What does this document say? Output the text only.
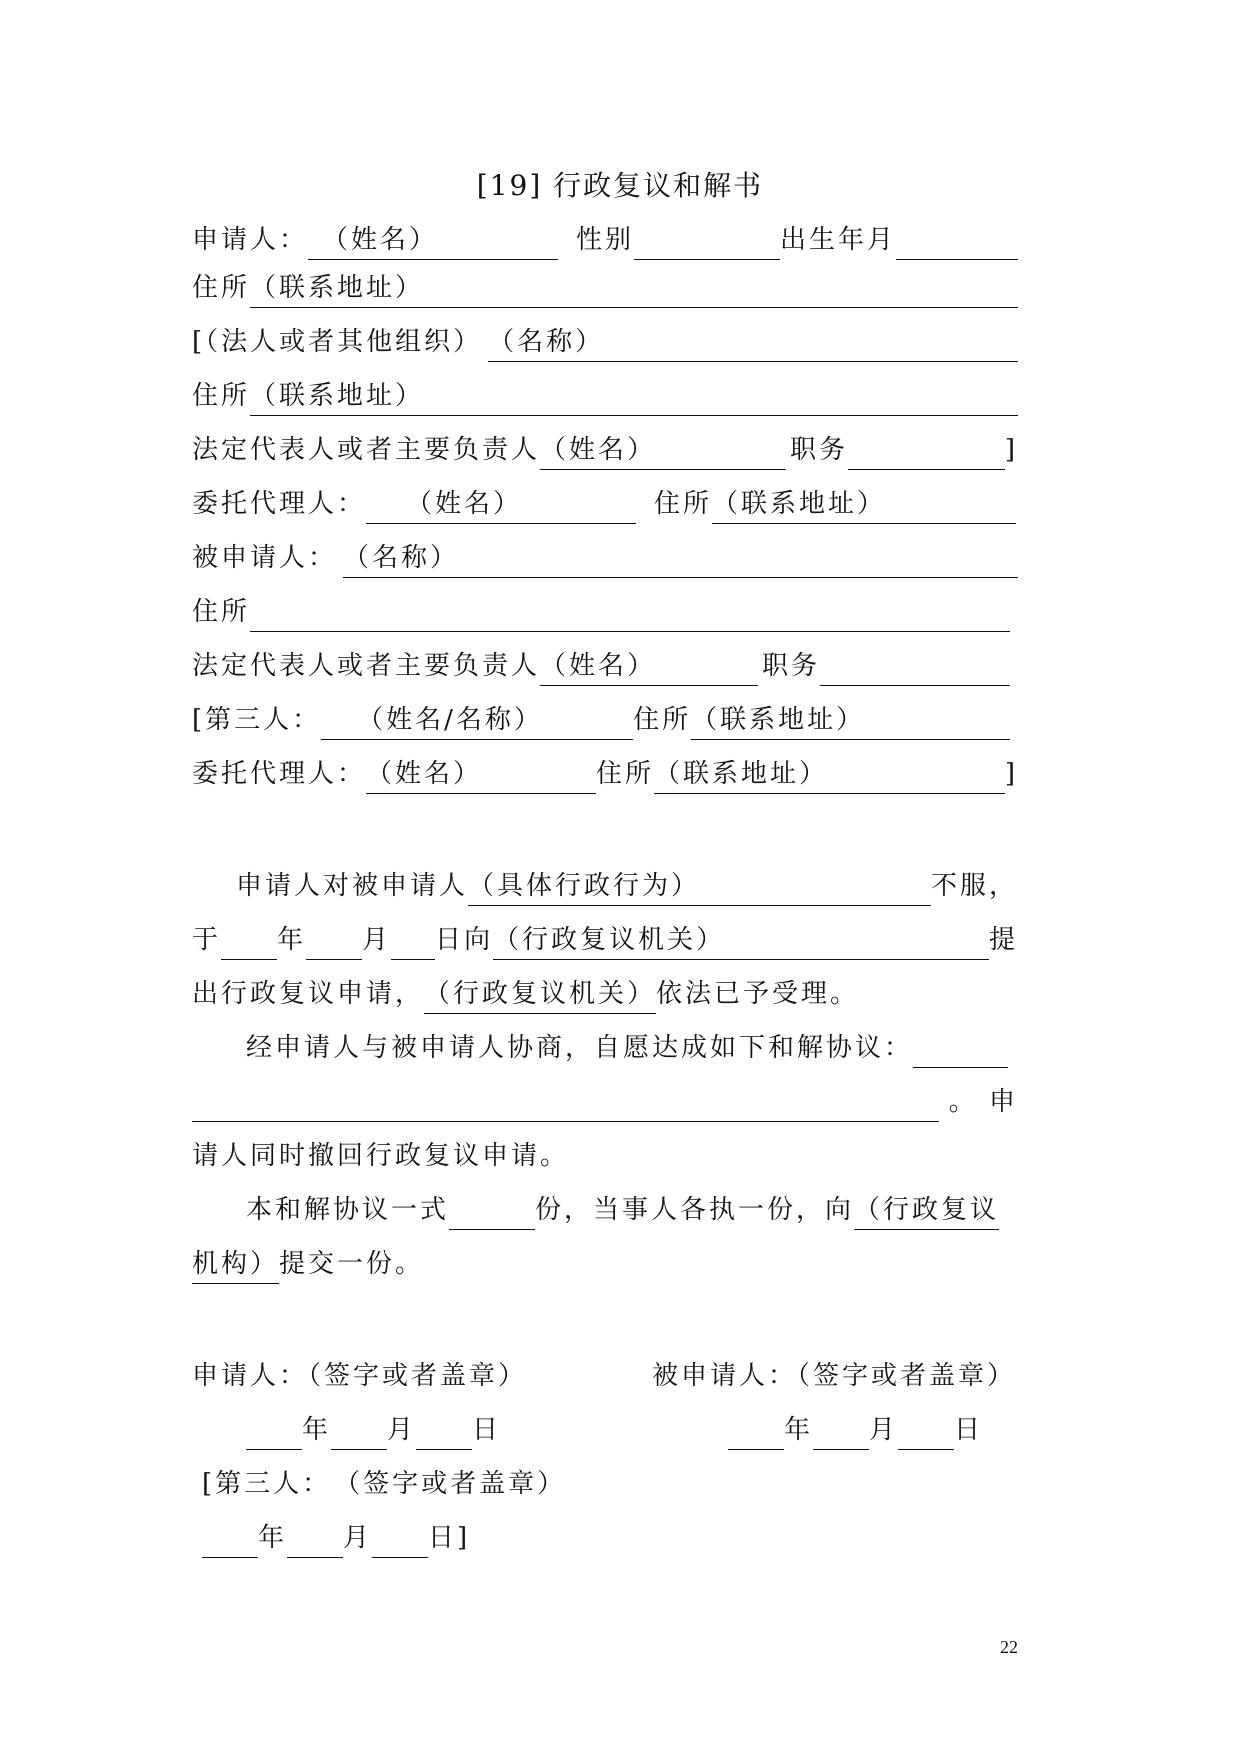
[19] 行政复议和解书
申请人： （姓名）	性别	出生年月
住所 （联系地址）
[（法人或者其他组织） （名称）
住所 （联系地址）
法定代表人或者主要负责人 （姓名）	职务	]
委托代理人：	（姓名）	住所 （联系地址）
被申请人： （名称）
住所
法定代表人或者主要负责人 （姓名）	职务
[第三人：	（姓名/名称）	住所 （联系地址）
委托代理人： （姓名）	住所 （联系地址）	]
申请人对被申请人 （具体行政行为）	不服，
于 年 月 日 向 （行政复议机关）	提
出行政复议申请， （行政复议机关） 依法已予受理。
经申请人与被申请人协商，自愿达成如下和解协议：
。 申
请人同时撤回行政复议申请。
本和解协议一式	份，当事人各执一份，向 （行政复议
机构） 提交一份。
申请人：（签字或者盖章）	被申请人：（签字或者盖章）
年 月 日	年 月 日
[第三人：　（签字或者盖章）
年 月 日]
22
